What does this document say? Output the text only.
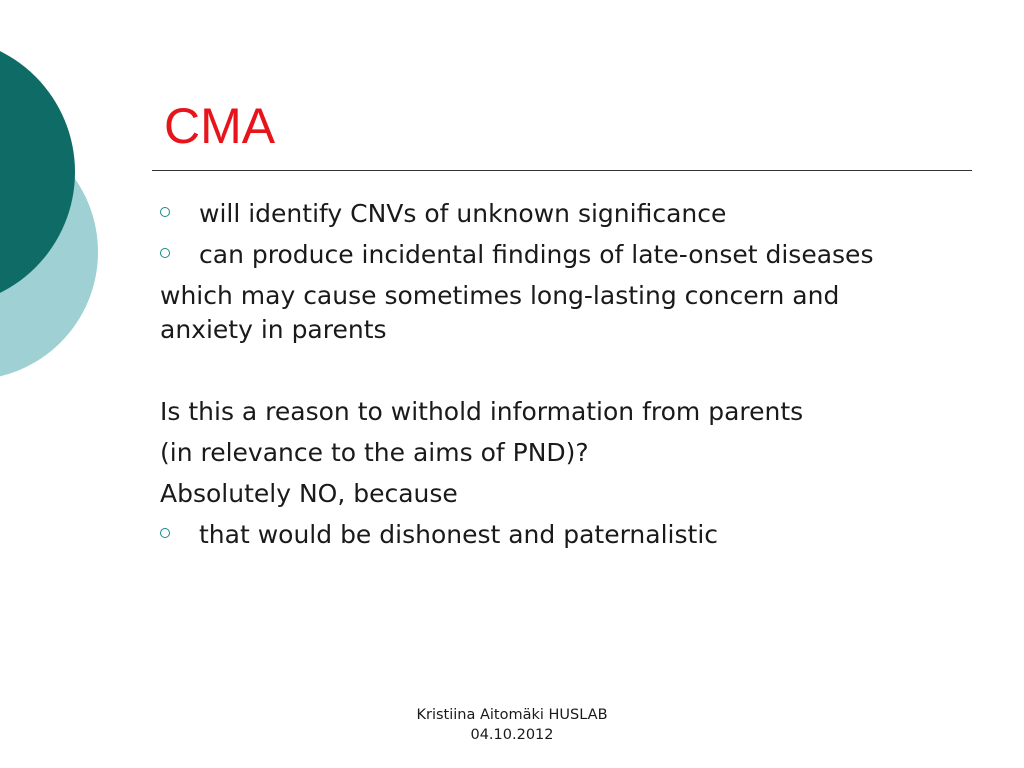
CMA
will identify CNVs of unknown significance
can produce incidental findings of late-onset diseases
which may cause sometimes long-lasting concern and
anxiety in parents
Is this a reason to withold information from parents
(in relevance to the aims of PND)?
Absolutely NO, because
that would be dishonest and paternalistic
Kristiina Aitomäki HUSLAB
04.10.2012
